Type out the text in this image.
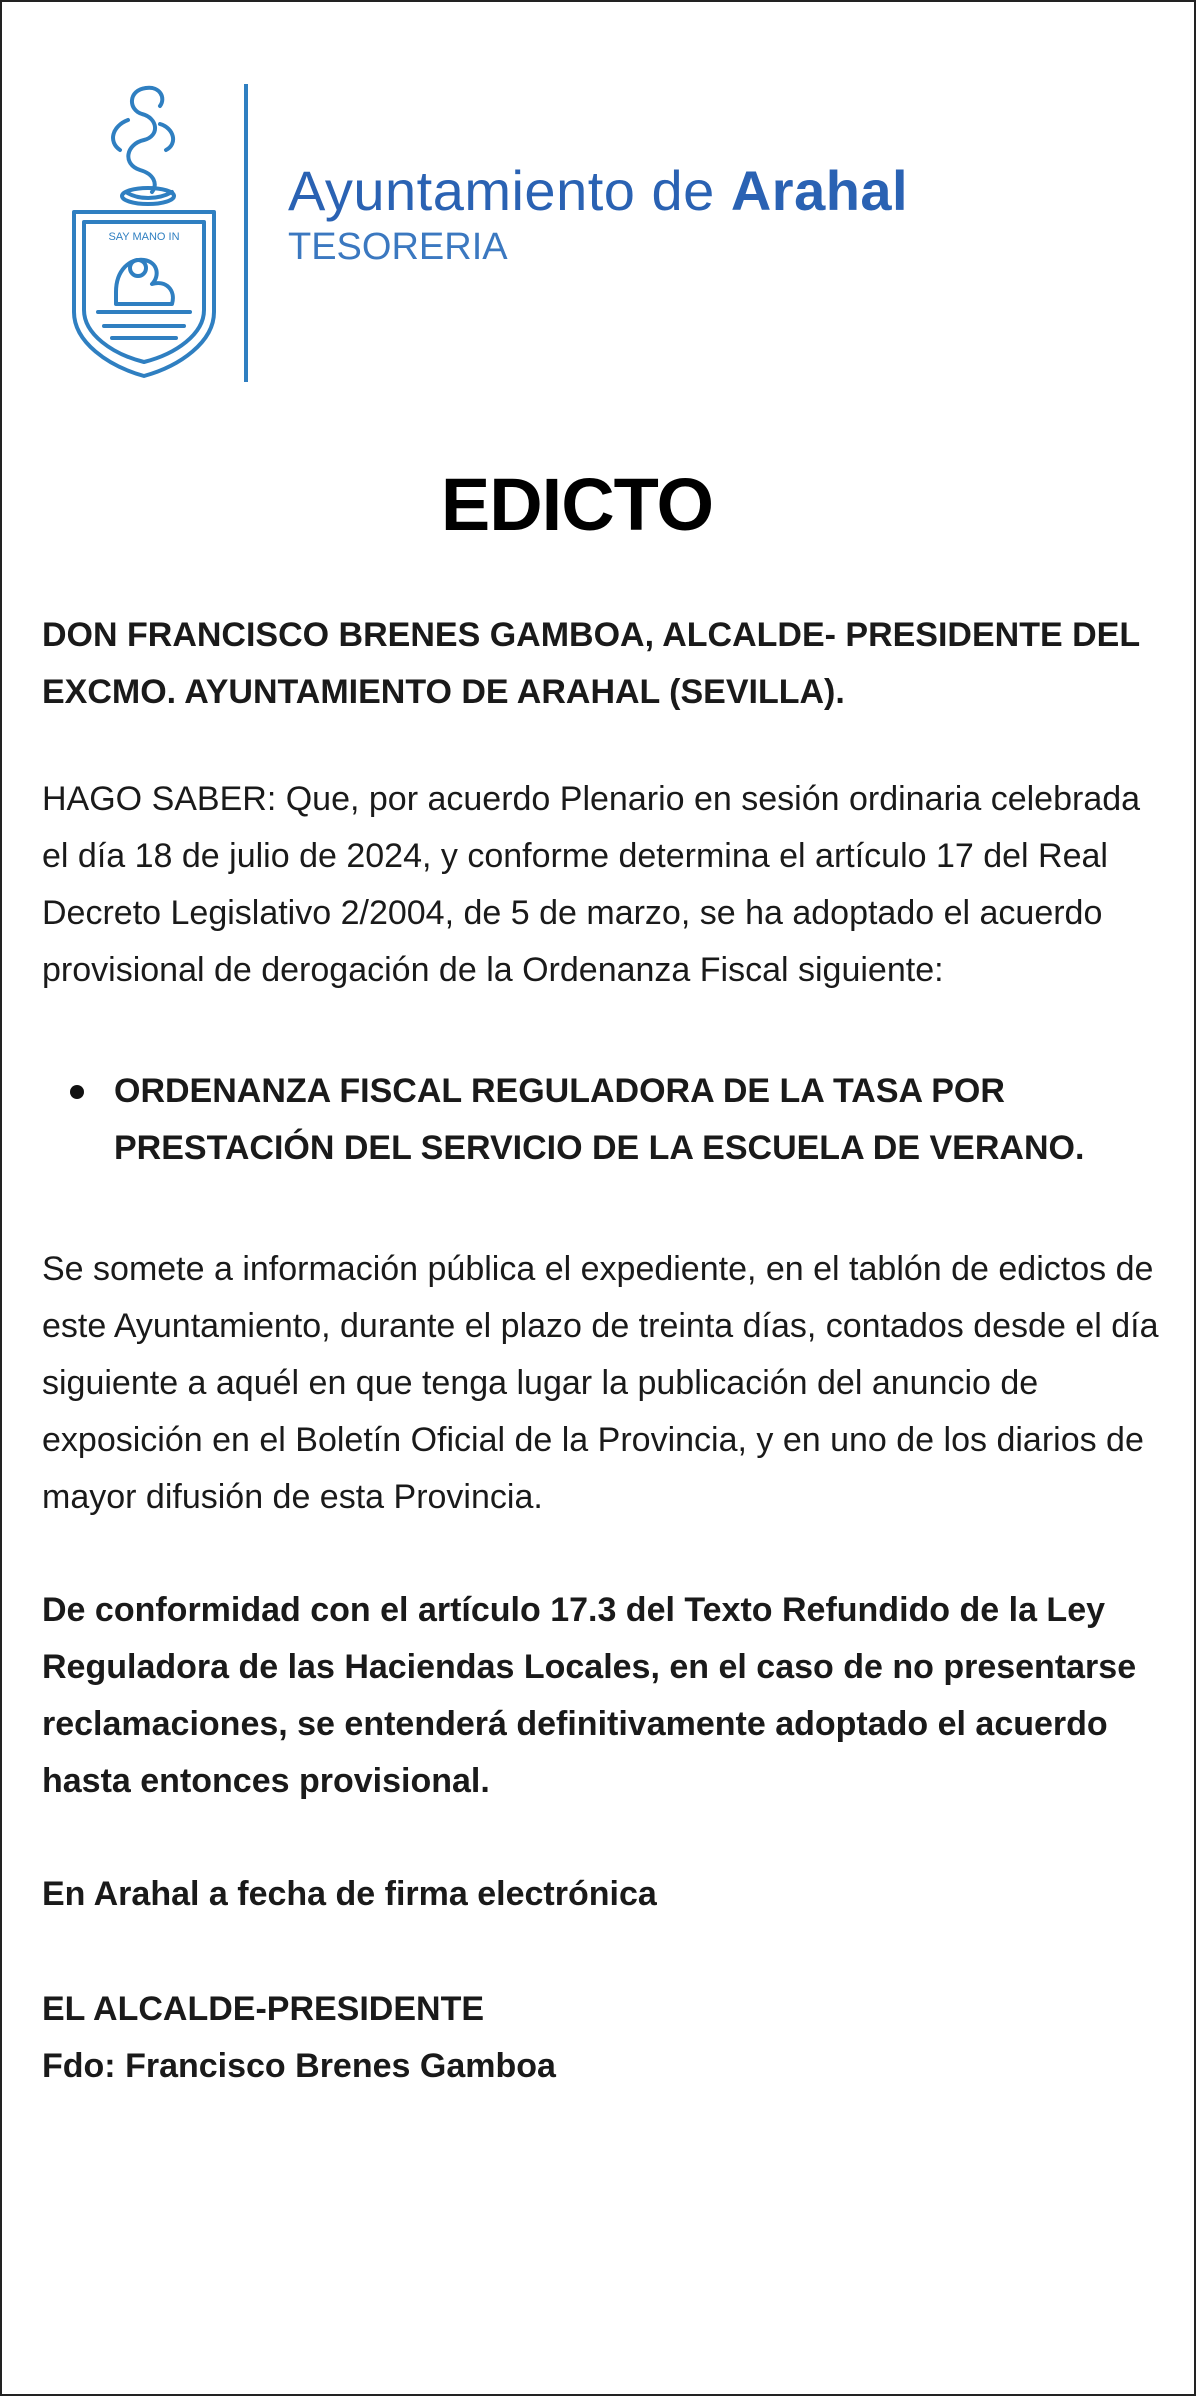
SAY MANO IN
Ayuntamiento de Arahal
TESORERIA
EDICTO

DON FRANCISCO BRENES GAMBOA, ALCALDE- PRESIDENTE DEL EXCMO. AYUNTAMIENTO DE ARAHAL (SEVILLA).

HAGO SABER: Que, por acuerdo Plenario en sesión ordinaria celebrada el día 18 de julio de 2024, y conforme determina el artículo 17 del Real Decreto Legislativo 2/2004, de 5 de marzo, se ha adoptado el acuerdo provisional de derogación de la Ordenanza Fiscal siguiente:

ORDENANZA FISCAL REGULADORA DE LA TASA POR PRESTACIÓN DEL SERVICIO DE LA ESCUELA DE VERANO.

Se somete a información pública el expediente, en el tablón de edictos de este Ayuntamiento, durante el plazo de treinta días, contados desde el día siguiente a aquél en que tenga lugar la publicación del anuncio de exposición en el Boletín Oficial de la Provincia, y en uno de los diarios de mayor difusión de esta Provincia.

De conformidad con el artículo 17.3 del Texto Refundido de la Ley Reguladora de las Haciendas Locales, en el caso de no presentarse reclamaciones, se entenderá definitivamente adoptado el acuerdo hasta entonces provisional.

En Arahal a fecha de firma electrónica

EL ALCALDE-PRESIDENTE
Fdo: Francisco Brenes Gamboa
